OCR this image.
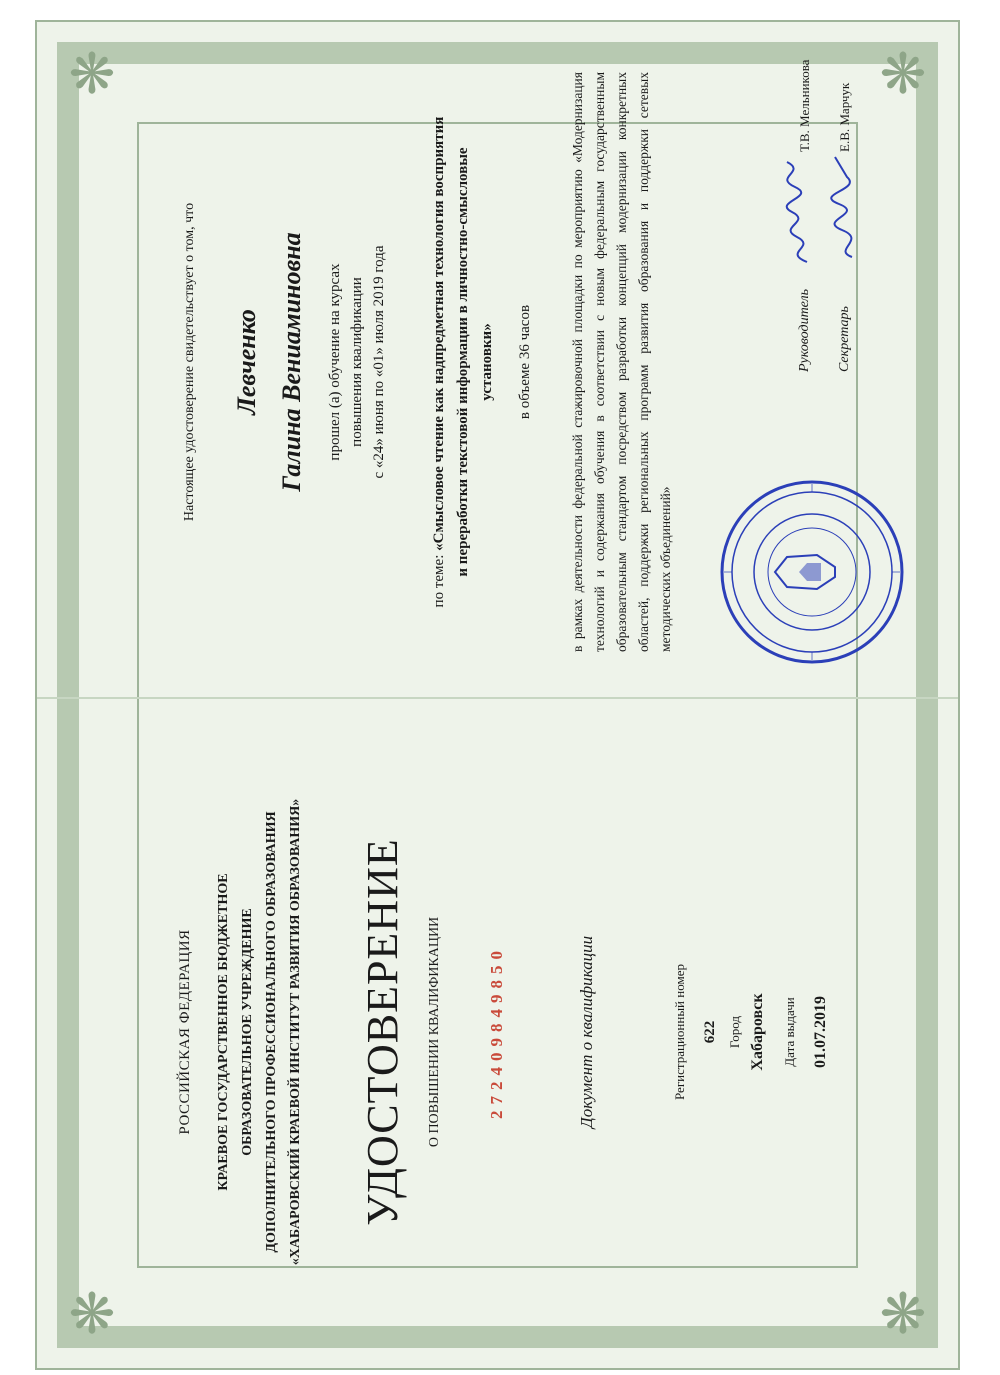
❋	❋
❋	❋
РОССИЙСКАЯ ФЕДЕРАЦИЯ КРАЕВОЕ ГОСУДАРСТВЕННОЕ БЮДЖЕТНОЕ ОБРАЗОВАТЕЛЬНОЕ УЧРЕЖДЕНИЕ ДОПОЛНИТЕЛЬНОГО ПРОФЕССИОНАЛЬНОГО ОБРАЗОВАНИЯ «ХАБАРОВСКИЙ КРАЕВОЙ ИНСТИТУТ РАЗВИТИЯ ОБРАЗОВАНИЯ» УДОСТОВЕРЕНИЕ О ПОВЫШЕНИИ КВАЛИФИКАЦИИ	272409849850	Документ о квалификации	Регистрационный номер 622 Город Хабаровск Дата выдачи 01.07.2019
Настоящее удостоверение свидетельствует о том, что Левченко Галина Вениаминовна прошел (а) обучение на курсах повышения квалификации с «24» июня по «01» июля 2019 года
по теме: «Смысловое чтение как надпредметная технология восприятия и переработки текстовой информации в личностно-смысловые установки» в объеме 36 часов	в рамках деятельности федеральной стажировочной площадки по мероприятию «Модернизация технологий и содержания обучения в соответствии с новым федеральным государственным образовательным стандартом посредством разработки концепций модернизации конкретных областей, поддержки региональных программ развития образования и поддержки сетевых методических объединений»
Руководитель
Т.В. Мельникова
Секретарь
Е.В. Марчук
